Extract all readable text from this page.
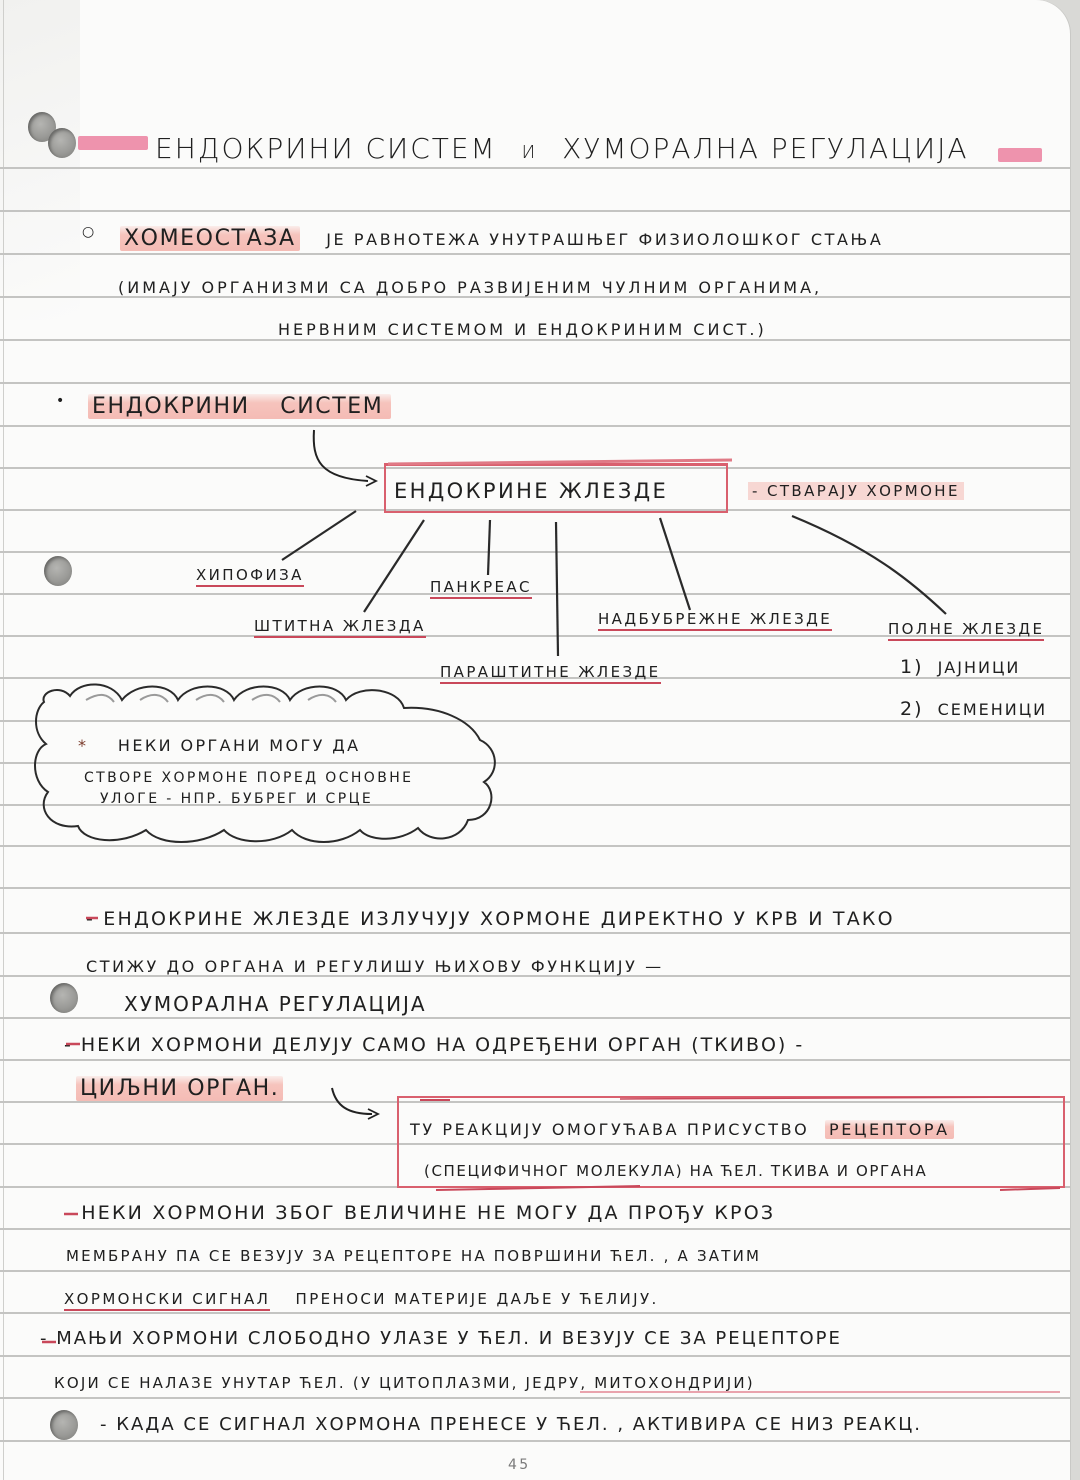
ЕНДОКРИНИ СИСТЕМ И ХУМОРАЛНА РЕГУЛАЦИЈА
○ ХОМЕОСТАЗА ЈЕ РАВНОТЕЖА УНУТРАШЊЕГ ФИЗИОЛОШКОГ СТАЊА
(ИМАЈУ ОРГАНИЗМИ СА ДОБРО РАЗВИЈЕНИМ ЧУЛНИМ ОРГАНИМА,
НЕРВНИМ СИСТЕМОМ И ЕНДОКРИНИМ СИСТ.)
• ЕНДОКРИНИ СИСТЕМ
ЕНДОКРИНЕ ЖЛЕЗДЕ	- СТВАРАЈУ ХОРМОНЕ
ХИПОФИЗА
ШТИТНА ЖЛЕЗДА
ПАНКРЕАС
ПАРАШТИТНЕ ЖЛЕЗДЕ
НАДБУБРЕЖНЕ ЖЛЕЗДЕ
ПОЛНЕ ЖЛЕЗДЕ
1) ЈАЈНИЦИ
2) СЕМЕНИЦИ
* НЕКИ ОРГАНИ МОГУ ДА
СТВОРЕ ХОРМОНЕ ПОРЕД ОСНОВНЕ
УЛОГЕ - НПР. БУБРЕГ И СРЦЕ
- ЕНДОКРИНЕ ЖЛЕЗДЕ ИЗЛУЧУЈУ ХОРМОНЕ ДИРЕКТНО У КРВ И ТАКО
СТИЖУ ДО ОРГАНА И РЕГУЛИШУ ЊИХОВУ ФУНКЦИЈУ —
ХУМОРАЛНА РЕГУЛАЦИЈА
- НЕКИ ХОРМОНИ ДЕЛУЈУ САМО НА ОДРЕЂЕНИ ОРГАН (ТКИВО) -
ЦИЉНИ ОРГАН.
ТУ РЕАКЦИЈУ ОМОГУЋАВА ПРИСУСТВО РЕЦЕПТОРА
(СПЕЦИФИЧНОГ МОЛЕКУЛА) НА ЋЕЛ. ТКИВА И ОРГАНА
- НЕКИ ХОРМОНИ ЗБОГ ВЕЛИЧИНЕ НЕ МОГУ ДА ПРОЂУ КРОЗ
МЕМБРАНУ ПА СЕ ВЕЗУЈУ ЗА РЕЦЕПТОРЕ НА ПОВРШИНИ ЋЕЛ. , А ЗАТИМ
ХОРМОНСКИ СИГНАЛ ПРЕНОСИ МАТЕРИЈЕ ДАЉЕ У ЋЕЛИЈУ.
- МАЊИ ХОРМОНИ СЛОБОДНО УЛАЗЕ У ЋЕЛ. И ВЕЗУЈУ СЕ ЗА РЕЦЕПТОРЕ
КОЈИ СЕ НАЛАЗЕ УНУТАР ЋЕЛ. (У ЦИТОПЛАЗМИ, ЈЕДРУ, МИТОХОНДРИЈИ)
- КАДА СЕ СИГНАЛ ХОРМОНА ПРЕНЕСЕ У ЋЕЛ. , АКТИВИРА СЕ НИЗ РЕАКЦ.
45
